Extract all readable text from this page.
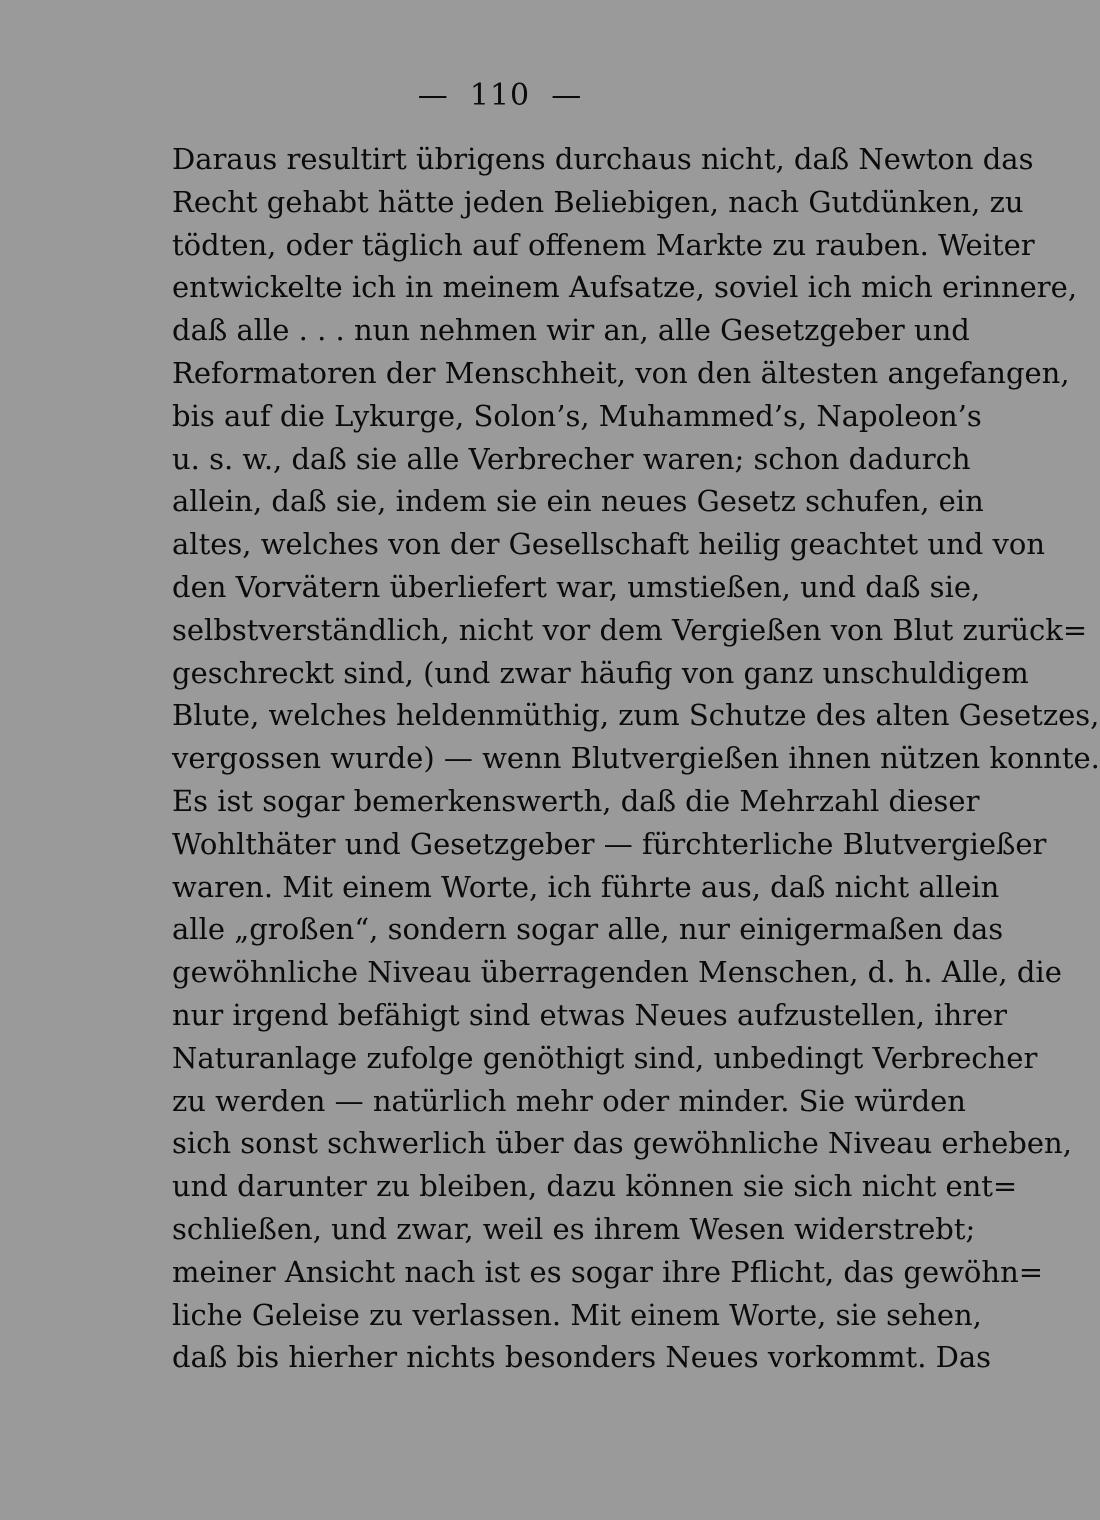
—  110  —
Daraus resultirt übrigens durchaus nicht, daß Newton das
Recht gehabt hätte jeden Beliebigen, nach Gutdünken, zu
tödten, oder täglich auf offenem Markte zu rauben. Weiter
entwickelte ich in meinem Aufsatze, soviel ich mich erinnere,
daß alle . . . nun nehmen wir an, alle Gesetzgeber und
Reformatoren der Menschheit, von den ältesten angefangen,
bis auf die Lykurge, Solon’s, Muhammed’s, Napoleon’s
u. s. w., daß sie alle Verbrecher waren; schon dadurch
allein, daß sie, indem sie ein neues Gesetz schufen, ein
altes, welches von der Gesellschaft heilig geachtet und von
den Vorvätern überliefert war, umstießen, und daß sie,
selbstverständlich, nicht vor dem Vergießen von Blut zurück=
geschreckt sind, (und zwar häufig von ganz unschuldigem
Blute, welches heldenmüthig, zum Schutze des alten Gesetzes,
vergossen wurde) — wenn Blutvergießen ihnen nützen konnte.
Es ist sogar bemerkenswerth, daß die Mehrzahl dieser
Wohlthäter und Gesetzgeber — fürchterliche Blutvergießer
waren. Mit einem Worte, ich führte aus, daß nicht allein
alle „großen“, sondern sogar alle, nur einigermaßen das
gewöhnliche Niveau überragenden Menschen, d. h. Alle, die
nur irgend befähigt sind etwas Neues aufzustellen, ihrer
Naturanlage zufolge genöthigt sind, unbedingt Verbrecher
zu werden — natürlich mehr oder minder. Sie würden
sich sonst schwerlich über das gewöhnliche Niveau erheben,
und darunter zu bleiben, dazu können sie sich nicht ent=
schließen, und zwar, weil es ihrem Wesen widerstrebt;
meiner Ansicht nach ist es sogar ihre Pflicht, das gewöhn=
liche Geleise zu verlassen. Mit einem Worte, sie sehen,
daß bis hierher nichts besonders Neues vorkommt. Das
